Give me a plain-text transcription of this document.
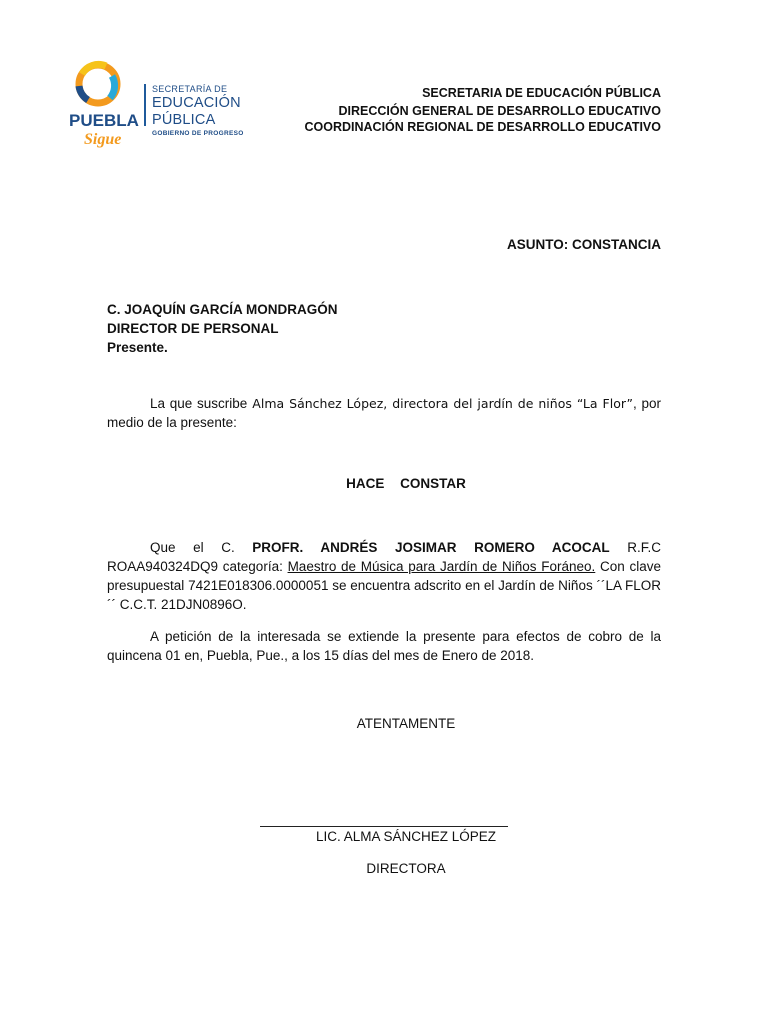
PUEBLA
Sigue
SECRETARÍA DE
EDUCACIÓN PÚBLICA
GOBIERNO DE PROGRESO
SECRETARIA DE EDUCACIÓN PÚBLICA
DIRECCIÓN GENERAL DE DESARROLLO EDUCATIVO
COORDINACIÓN REGIONAL DE DESARROLLO EDUCATIVO
ASUNTO: CONSTANCIA
C. JOAQUÍN GARCÍA MONDRAGÓN
DIRECTOR DE PERSONAL
Presente.
La que suscribe Alma Sánchez López, directora del jardín de niños “La Flor”, por medio de la presente:
HACE CONSTAR
Que el C. PROFR. ANDRÉS JOSIMAR ROMERO ACOCAL R.F.C ROAA940324DQ9 categoría: Maestro de Música para Jardín de Niños Foráneo. Con clave presupuestal 7421E018306.0000051 se encuentra adscrito en el Jardín de Niños ´´LA FLOR´´ C.C.T. 21DJN0896O.
A petición de la interesada se extiende la presente para efectos de cobro de la quincena 01 en, Puebla, Pue., a los 15 días del mes de Enero de 2018.
ATENTAMENTE
LIC. ALMA SÁNCHEZ LÓPEZ
DIRECTORA
